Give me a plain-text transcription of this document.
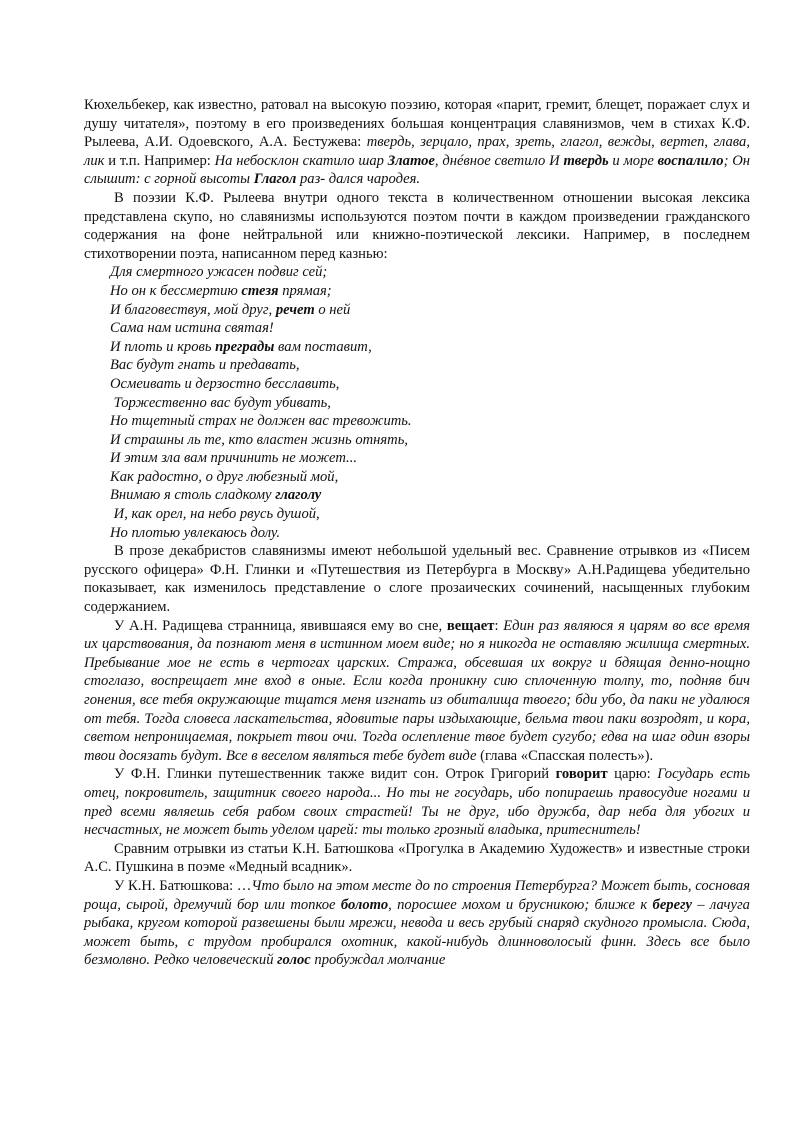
Кюхельбекер, как известно, ратовал на высокую поэзию, которая «парит, гремит, блещет, поражает слух и душу читателя», поэтому в его произведениях большая концентрация славянизмов, чем в стихах К.Ф. Рылеева, А.И. Одоевского, А.А. Бестужева: твердь, зерцало, прах, зреть, глагол, вежды, вертеп, глава, лик и т.п. Например: На небосклон скатило шар Златое, днéвное светило И твердь и море воспалило; Он слышит: с горной высоты Глагол раз- дался чародея.

В поэзии К.Ф. Рылеева внутри одного текста в количественном отношении высокая лексика представлена скупо, но славянизмы используются поэтом почти в каждом произведении гражданского содержания на фоне нейтральной или книжно-поэтической лексики. Например, в последнем стихотворении поэта, написанном перед казнью:

Для смертного ужасен подвиг сей;
Но он к бессмертию стезя прямая;
И благовествуя, мой друг, речет о ней
Сама нам истина святая!
И плоть и кровь преграды вам поставит,
Вас будут гнать и предавать,
Осмеивать и дерзостно бесславить,
Торжественно вас будут убивать,
Но тщетный страх не должен вас тревожить.
И страшны ль те, кто властен жизнь отнять,
И этим зла вам причинить не может...
Как радостно, о друг любезный мой,
Внимаю я столь сладкому глаголу
И, как орел, на небо рвусь душой,
Но плотью увлекаюсь долу.

В прозе декабристов славянизмы имеют небольшой удельный вес. Сравнение отрывков из «Писем русского офицера» Ф.Н. Глинки и «Путешествия из Петербурга в Москву» А.Н.Радищева убедительно показывает, как изменилось представление о слоге прозаических сочинений, насыщенных глубоким содержанием.

У А.Н. Радищева странница, явившаяся ему во сне, вещает: Един раз являюся я царям во все время их царствования, да познают меня в истинном моем виде; но я никогда не оставляю жилища смертных. Пребывание мое не есть в чертогах царских. Стража, обсевшая их вокруг и бдящая денно-нощно стоглазо, воспрещает мне вход в оные. Если когда проникну сию сплоченную толпу, то, подняв бич гонения, все тебя окружающие тщатся меня изгнать из обиталища твоего; бди убо, да паки не удалюся от тебя. Тогда словеса ласкательства, ядовитые пары издыхающие, бельма твои паки возродят, и кора, светом непроницаемая, покрыет твои очи. Тогда ослепление твое будет сугубо; едва на шаг один взоры твои досязать будут. Все в веселом являться тебе будет виде (глава «Спасская полесть»).

У Ф.Н. Глинки путешественник также видит сон. Отрок Григорий говорит царю: Государь есть отец, покровитель, защитник своего народа... Но ты не государь, ибо попираешь правосудие ногами и пред всеми являешь себя рабом своих страстей! Ты не друг, ибо дружба, дар неба для убогих и несчастных, не может быть уделом царей: ты только грозный владыка, притеснитель!

Сравним отрывки из статьи К.Н. Батюшкова «Прогулка в Академию Художеств» и известные строки А.С. Пушкина в поэме «Медный всадник».

У К.Н. Батюшкова: …Что было на этом месте до по строения Петербурга? Может быть, сосновая роща, сырой, дремучий бор или топкое болото, поросшее мохом и брусникою; ближе к берегу – лачуга рыбака, кругом которой развешены были мрежи, невода и весь грубый снаряд скудного промысла. Сюда, может быть, с трудом пробирался охотник, какой-нибудь длинноволосый финн. Здесь все было безмолвно. Редко человеческий голос пробуждал молчание
